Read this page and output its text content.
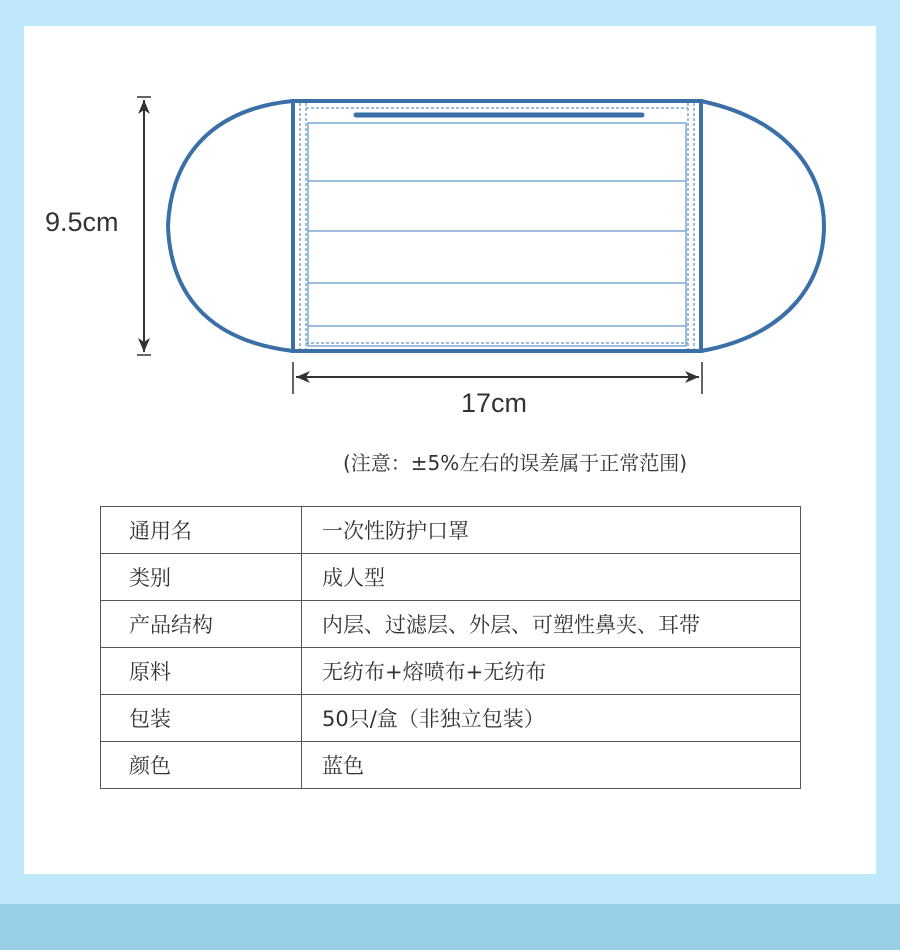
9.5cm
17cm
(注意：±5%左右的误差属于正常范围)
通用名	一次性防护口罩
类别	成人型
产品结构	内层、过滤层、外层、可塑性鼻夹、耳带
原料	无纺布+熔喷布+无纺布
包装	50只/盒（非独立包装）
颜色	蓝色
